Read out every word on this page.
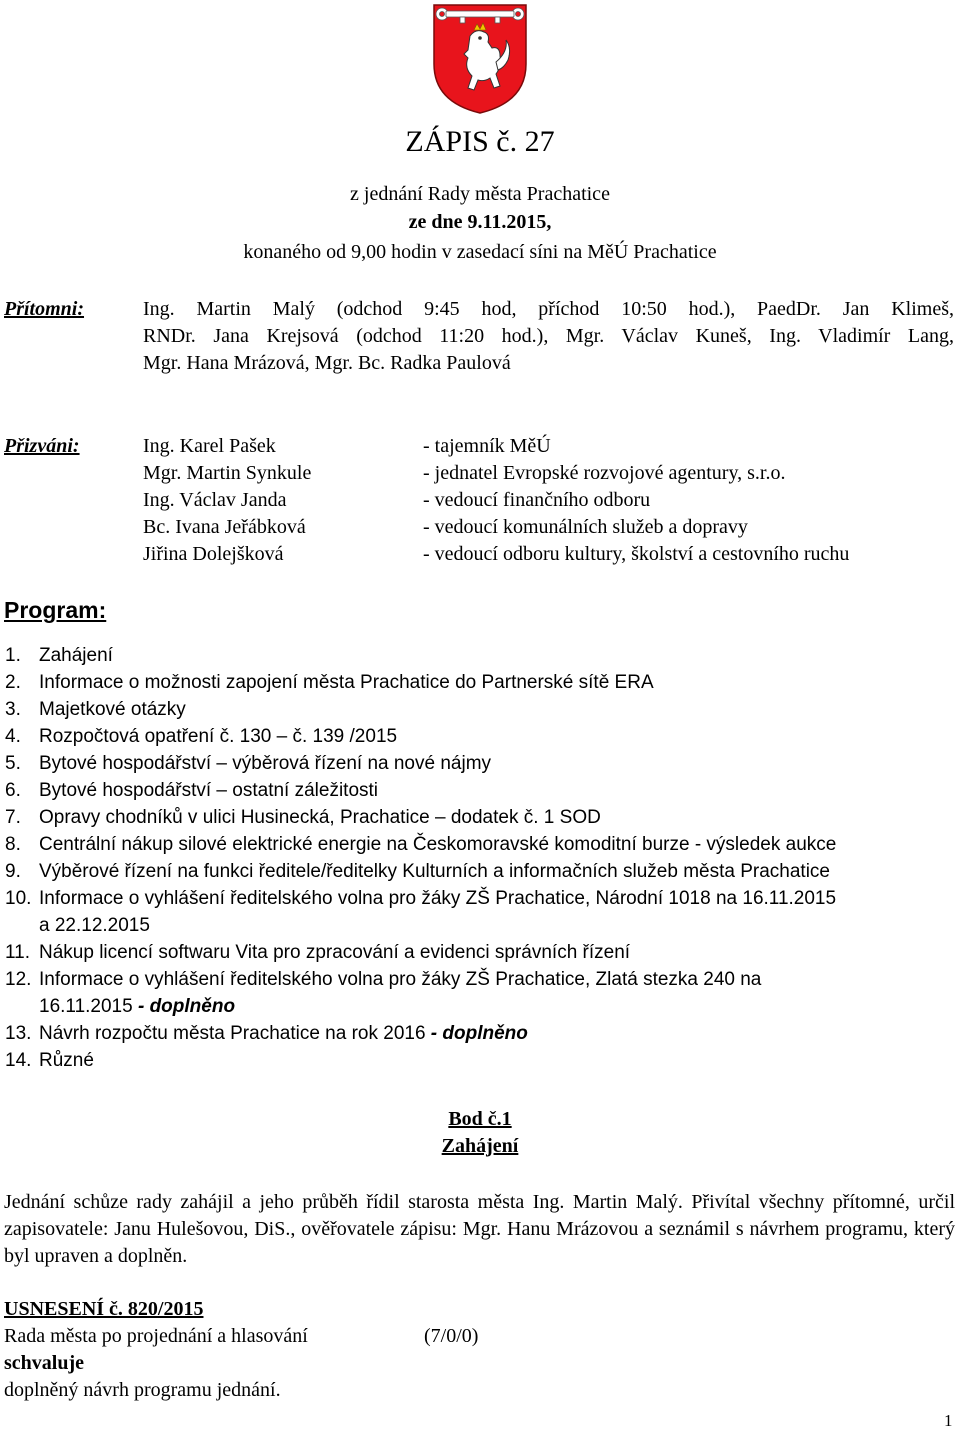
ZÁPIS č. 27
z jednání Rady města Prachatice
ze dne 9.11.2015,
konaného od 9,00 hodin v zasedací síni na MěÚ Prachatice
Přítomni:	Ing. Martin Malý (odchod 9:45 hod, příchod 10:50 hod.), PaedDr. Jan Klimeš,
RNDr. Jana Krejsová (odchod 11:20 hod.), Mgr. Václav Kuneš, Ing. Vladimír Lang,
Mgr. Hana Mrázová, Mgr. Bc. Radka Paulová
Přizváni:	Ing. Karel Pašek	- tajemník MěÚ
Mgr. Martin Synkule	- jednatel Evropské rozvojové agentury, s.r.o.
Ing. Václav Janda	- vedoucí finančního odboru
Bc. Ivana Jeřábková	- vedoucí komunálních služeb a dopravy
Jiřina Dolejšková	- vedoucí odboru kultury, školství a cestovního ruchu
Program:
1. Zahájení
2. Informace o možnosti zapojení města Prachatice do Partnerské sítě ERA
3. Majetkové otázky
4. Rozpočtová opatření č. 130 – č. 139 /2015
5. Bytové hospodářství – výběrová řízení na nové nájmy
6. Bytové hospodářství – ostatní záležitosti
7. Opravy chodníků v ulici Husinecká, Prachatice – dodatek č. 1 SOD
8. Centrální nákup silové elektrické energie na Českomoravské komoditní burze - výsledek aukce
9. Výběrové řízení na funkci ředitele/ředitelky Kulturních a informačních služeb města Prachatice
10. Informace o vyhlášení ředitelského volna pro žáky ZŠ Prachatice, Národní 1018 na 16.11.2015
a 22.12.2015
11. Nákup licencí softwaru Vita pro zpracování a evidenci správních řízení
12. Informace o vyhlášení ředitelského volna pro žáky ZŠ Prachatice, Zlatá stezka 240 na
16.11.2015 - doplněno
13. Návrh rozpočtu města Prachatice na rok 2016 - doplněno
14. Různé
Bod č.1
Zahájení
Jednání schůze rady zahájil a jeho průběh řídil starosta města Ing. Martin Malý. Přivítal všechny přítomné, určil zapisovatele: Janu Hulešovou, DiS., ověřovatele zápisu: Mgr. Hanu Mrázovou a seznámil s návrhem programu, který byl upraven a doplněn.
USNESENÍ č. 820/2015
Rada města po projednání a hlasování	(7/0/0)
schvaluje
doplněný návrh programu jednání.
1
